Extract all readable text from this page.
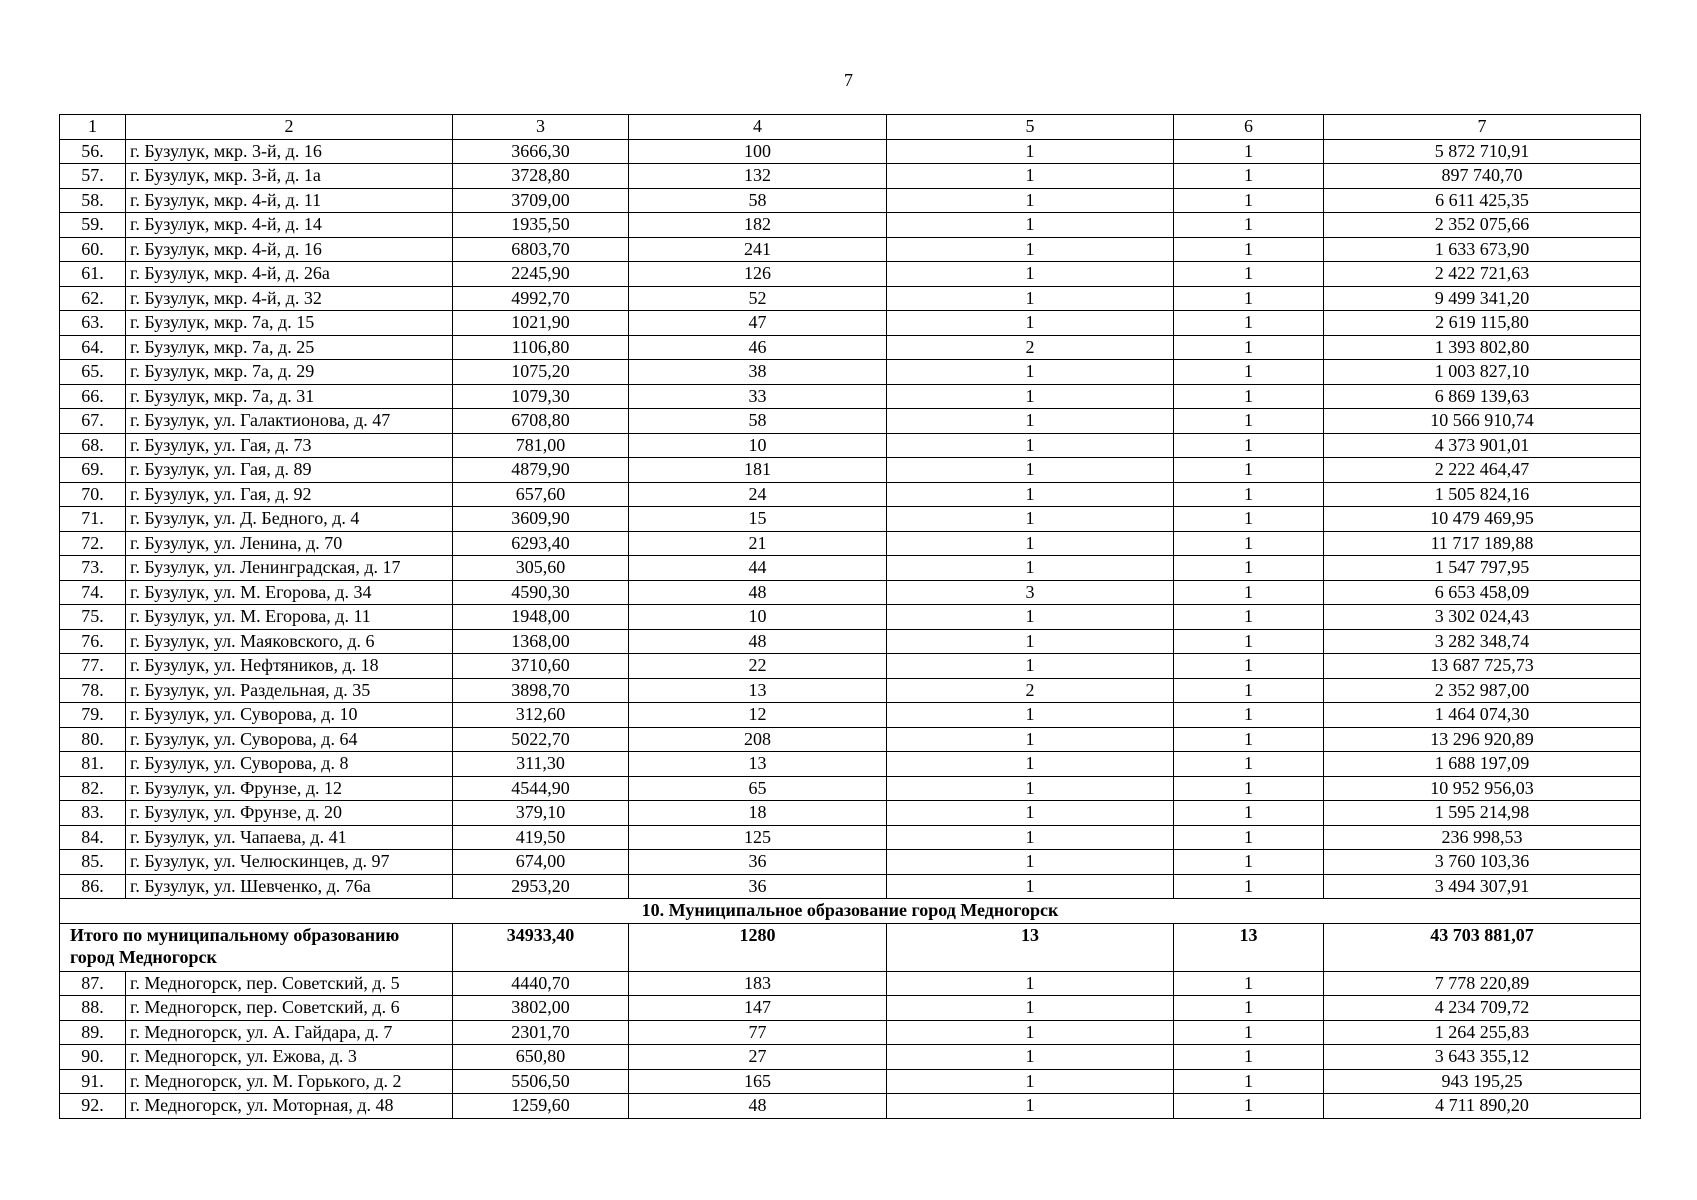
7
1	2	3	4	5	6	7
56.	г. Бузулук, мкр. 3-й, д. 16	3666,30	100	1	1	5 872 710,91
57.	г. Бузулук, мкр. 3-й, д. 1а	3728,80	132	1	1	897 740,70
58.	г. Бузулук, мкр. 4-й, д. 11	3709,00	58	1	1	6 611 425,35
59.	г. Бузулук, мкр. 4-й, д. 14	1935,50	182	1	1	2 352 075,66
60.	г. Бузулук, мкр. 4-й, д. 16	6803,70	241	1	1	1 633 673,90
61.	г. Бузулук, мкр. 4-й, д. 26а	2245,90	126	1	1	2 422 721,63
62.	г. Бузулук, мкр. 4-й, д. 32	4992,70	52	1	1	9 499 341,20
63.	г. Бузулук, мкр. 7а, д. 15	1021,90	47	1	1	2 619 115,80
64.	г. Бузулук, мкр. 7а, д. 25	1106,80	46	2	1	1 393 802,80
65.	г. Бузулук, мкр. 7а, д. 29	1075,20	38	1	1	1 003 827,10
66.	г. Бузулук, мкр. 7а, д. 31	1079,30	33	1	1	6 869 139,63
67.	г. Бузулук, ул. Галактионова, д. 47	6708,80	58	1	1	10 566 910,74
68.	г. Бузулук, ул. Гая, д. 73	781,00	10	1	1	4 373 901,01
69.	г. Бузулук, ул. Гая, д. 89	4879,90	181	1	1	2 222 464,47
70.	г. Бузулук, ул. Гая, д. 92	657,60	24	1	1	1 505 824,16
71.	г. Бузулук, ул. Д. Бедного, д. 4	3609,90	15	1	1	10 479 469,95
72.	г. Бузулук, ул. Ленина, д. 70	6293,40	21	1	1	11 717 189,88
73.	г. Бузулук, ул. Ленинградская, д. 17	305,60	44	1	1	1 547 797,95
74.	г. Бузулук, ул. М. Егорова, д. 34	4590,30	48	3	1	6 653 458,09
75.	г. Бузулук, ул. М. Егорова, д. 11	1948,00	10	1	1	3 302 024,43
76.	г. Бузулук, ул. Маяковского, д. 6	1368,00	48	1	1	3 282 348,74
77.	г. Бузулук, ул. Нефтяников, д. 18	3710,60	22	1	1	13 687 725,73
78.	г. Бузулук, ул. Раздельная, д. 35	3898,70	13	2	1	2 352 987,00
79.	г. Бузулук, ул. Суворова, д. 10	312,60	12	1	1	1 464 074,30
80.	г. Бузулук, ул. Суворова, д. 64	5022,70	208	1	1	13 296 920,89
81.	г. Бузулук, ул. Суворова, д. 8	311,30	13	1	1	1 688 197,09
82.	г. Бузулук, ул. Фрунзе, д. 12	4544,90	65	1	1	10 952 956,03
83.	г. Бузулук, ул. Фрунзе, д. 20	379,10	18	1	1	1 595 214,98
84.	г. Бузулук, ул. Чапаева, д. 41	419,50	125	1	1	236 998,53
85.	г. Бузулук, ул. Челюскинцев, д. 97	674,00	36	1	1	3 760 103,36
86.	г. Бузулук, ул. Шевченко, д. 76а	2953,20	36	1	1	3 494 307,91
10. Муниципальное образование город Медногорск						
Итого по муниципальному образованию город Медногорск		34933,40	1280	13	13	43 703 881,07
87.	г. Медногорск, пер. Советский, д. 5	4440,70	183	1	1	7 778 220,89
88.	г. Медногорск, пер. Советский, д. 6	3802,00	147	1	1	4 234 709,72
89.	г. Медногорск, ул. А. Гайдара, д. 7	2301,70	77	1	1	1 264 255,83
90.	г. Медногорск, ул. Ежова, д. 3	650,80	27	1	1	3 643 355,12
91.	г. Медногорск, ул. М. Горького, д. 2	5506,50	165	1	1	943 195,25
92.	г. Медногорск, ул. Моторная, д. 48	1259,60	48	1	1	4 711 890,20
